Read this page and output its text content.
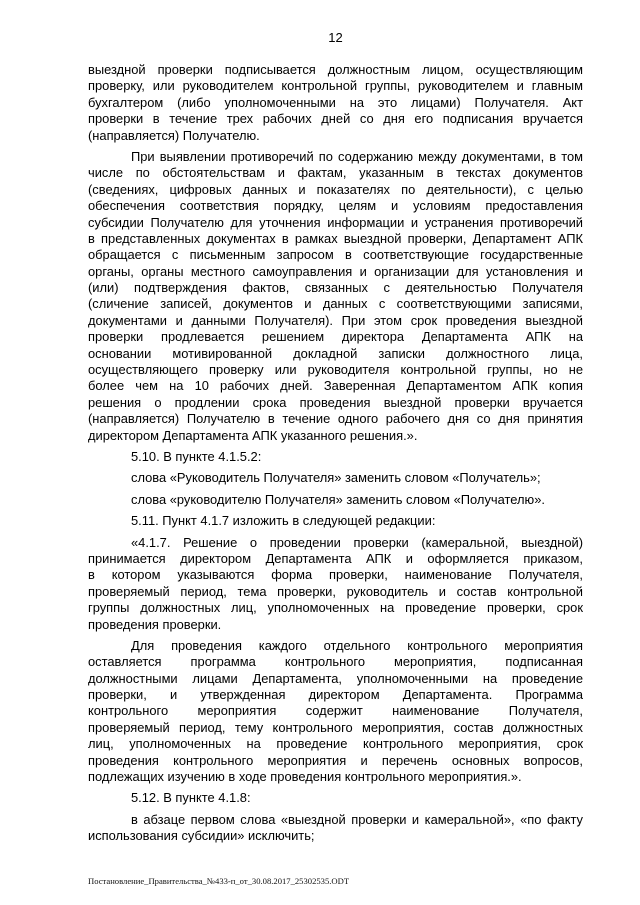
12
выездной проверки подписывается должностным лицом, осуществляющим
проверку, или руководителем контрольной группы, руководителем и главным
бухгалтером (либо уполномоченными на это лицами) Получателя. Акт
проверки в течение трех рабочих дней со дня его подписания вручается
(направляется) Получателю.
При выявлении противоречий по содержанию между документами, в том
числе по обстоятельствам и фактам, указанным в текстах документов
(сведениях, цифровых данных и показателях по деятельности), с целью
обеспечения соответствия порядку, целям и условиям предоставления
субсидии Получателю для уточнения информации и устранения противоречий
в представленных документах в рамках выездной проверки, Департамент АПК
обращается с письменным запросом в соответствующие государственные
органы, органы местного самоуправления и организации для установления и
(или) подтверждения фактов, связанных с деятельностью Получателя
(сличение записей, документов и данных с соответствующими записями,
документами и данными Получателя). При этом срок проведения выездной
проверки продлевается решением директора Департамента АПК на
основании мотивированной докладной записки должностного лица,
осуществляющего проверку или руководителя контрольной группы, но не
более чем на 10 рабочих дней. Заверенная Департаментом АПК копия
решения о продлении срока проведения выездной проверки вручается
(направляется) Получателю в течение одного рабочего дня со дня принятия
директором Департамента АПК указанного решения.».
5.10. В пункте 4.1.5.2:
слова «Руководитель Получателя» заменить словом «Получатель»;
слова «руководителю Получателя» заменить словом «Получателю».
5.11. Пункт 4.1.7 изложить в следующей редакции:
«4.1.7. Решение о проведении проверки (камеральной, выездной)
принимается директором Департамента АПК и оформляется приказом,
в котором указываются форма проверки, наименование Получателя,
проверяемый период, тема проверки, руководитель и состав контрольной
группы должностных лиц, уполномоченных на проведение проверки, срок
проведения проверки.
Для проведения каждого отдельного контрольного мероприятия
оставляется программа контрольного мероприятия, подписанная
должностными лицами Департамента, уполномоченными на проведение
проверки, и утвержденная директором Департамента. Программа
контрольного мероприятия содержит наименование Получателя,
проверяемый период, тему контрольного мероприятия, состав должностных
лиц, уполномоченных на проведение контрольного мероприятия, срок
проведения контрольного мероприятия и перечень основных вопросов,
подлежащих изучению в ходе проведения контрольного мероприятия.».
5.12. В пункте 4.1.8:
в абзаце первом слова «выездной проверки и камеральной», «по факту
использования субсидии» исключить;
Постановление_Правительства_№433-п_от_30.08.2017_25302535.ODT
